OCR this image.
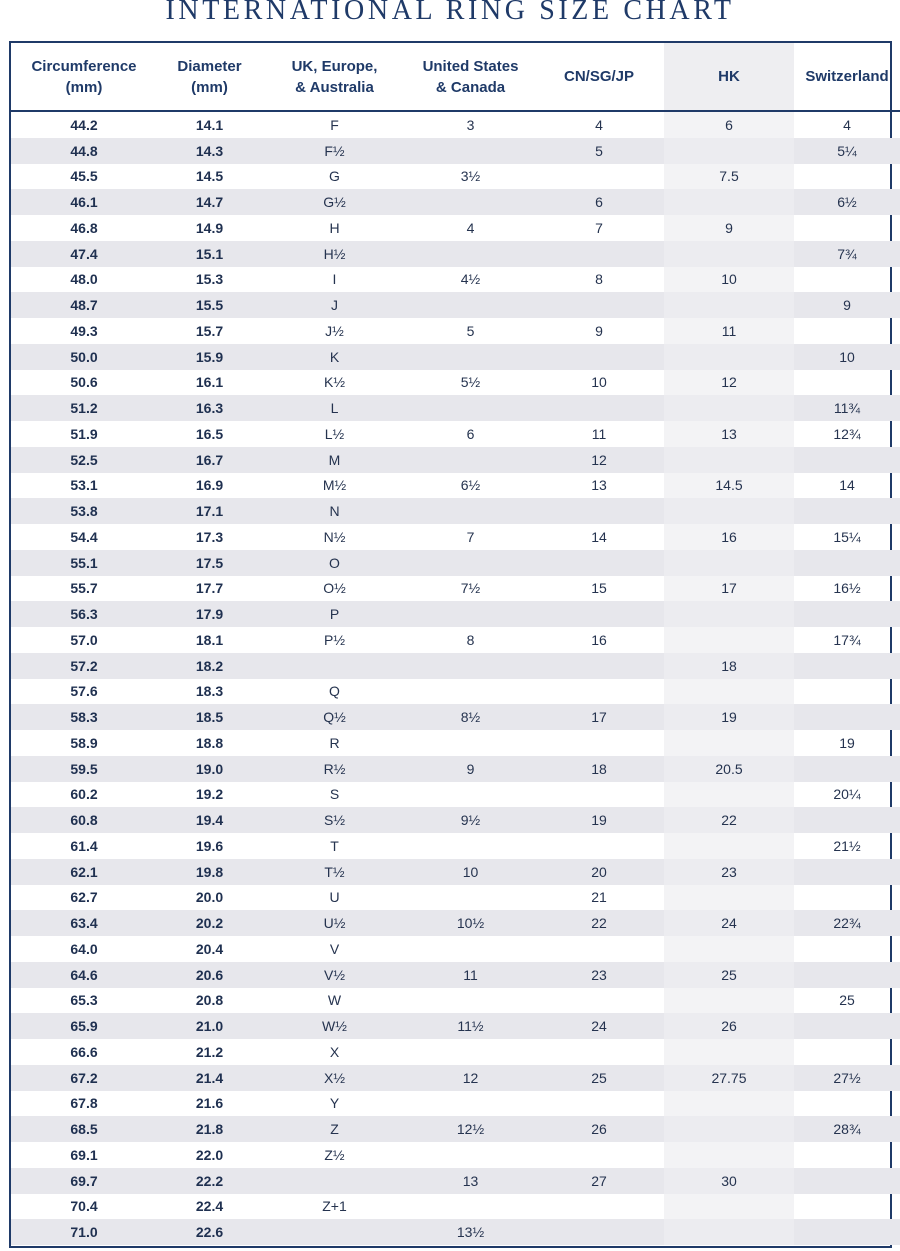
INTERNATIONAL RING SIZE CHART
Circumference
(mm)	Diameter
(mm)	UK, Europe,
& Australia	United States
& Canada	CN/SG/JP	HK	Switzerland
44.2	14.1	F	3	4	6	4
44.8	14.3	F½		5		5¼
45.5	14.5	G	3½		7.5	
46.1	14.7	G½		6		6½
46.8	14.9	H	4	7	9	
47.4	15.1	H½				7¾
48.0	15.3	I	4½	8	10	
48.7	15.5	J				9
49.3	15.7	J½	5	9	11	
50.0	15.9	K				10
50.6	16.1	K½	5½	10	12	
51.2	16.3	L				11¾
51.9	16.5	L½	6	11	13	12¾
52.5	16.7	M		12		
53.1	16.9	M½	6½	13	14.5	14
53.8	17.1	N				
54.4	17.3	N½	7	14	16	15¼
55.1	17.5	O				
55.7	17.7	O½	7½	15	17	16½
56.3	17.9	P				
57.0	18.1	P½	8	16		17¾
57.2	18.2				18	
57.6	18.3	Q				
58.3	18.5	Q½	8½	17	19	
58.9	18.8	R				19
59.5	19.0	R½	9	18	20.5	
60.2	19.2	S				20¼
60.8	19.4	S½	9½	19	22	
61.4	19.6	T				21½
62.1	19.8	T½	10	20	23	
62.7	20.0	U		21		
63.4	20.2	U½	10½	22	24	22¾
64.0	20.4	V				
64.6	20.6	V½	11	23	25	
65.3	20.8	W				25
65.9	21.0	W½	11½	24	26	
66.6	21.2	X				
67.2	21.4	X½	12	25	27.75	27½
67.8	21.6	Y				
68.5	21.8	Z	12½	26		28¾
69.1	22.0	Z½				
69.7	22.2		13	27	30	
70.4	22.4	Z+1				
71.0	22.6		13½			
